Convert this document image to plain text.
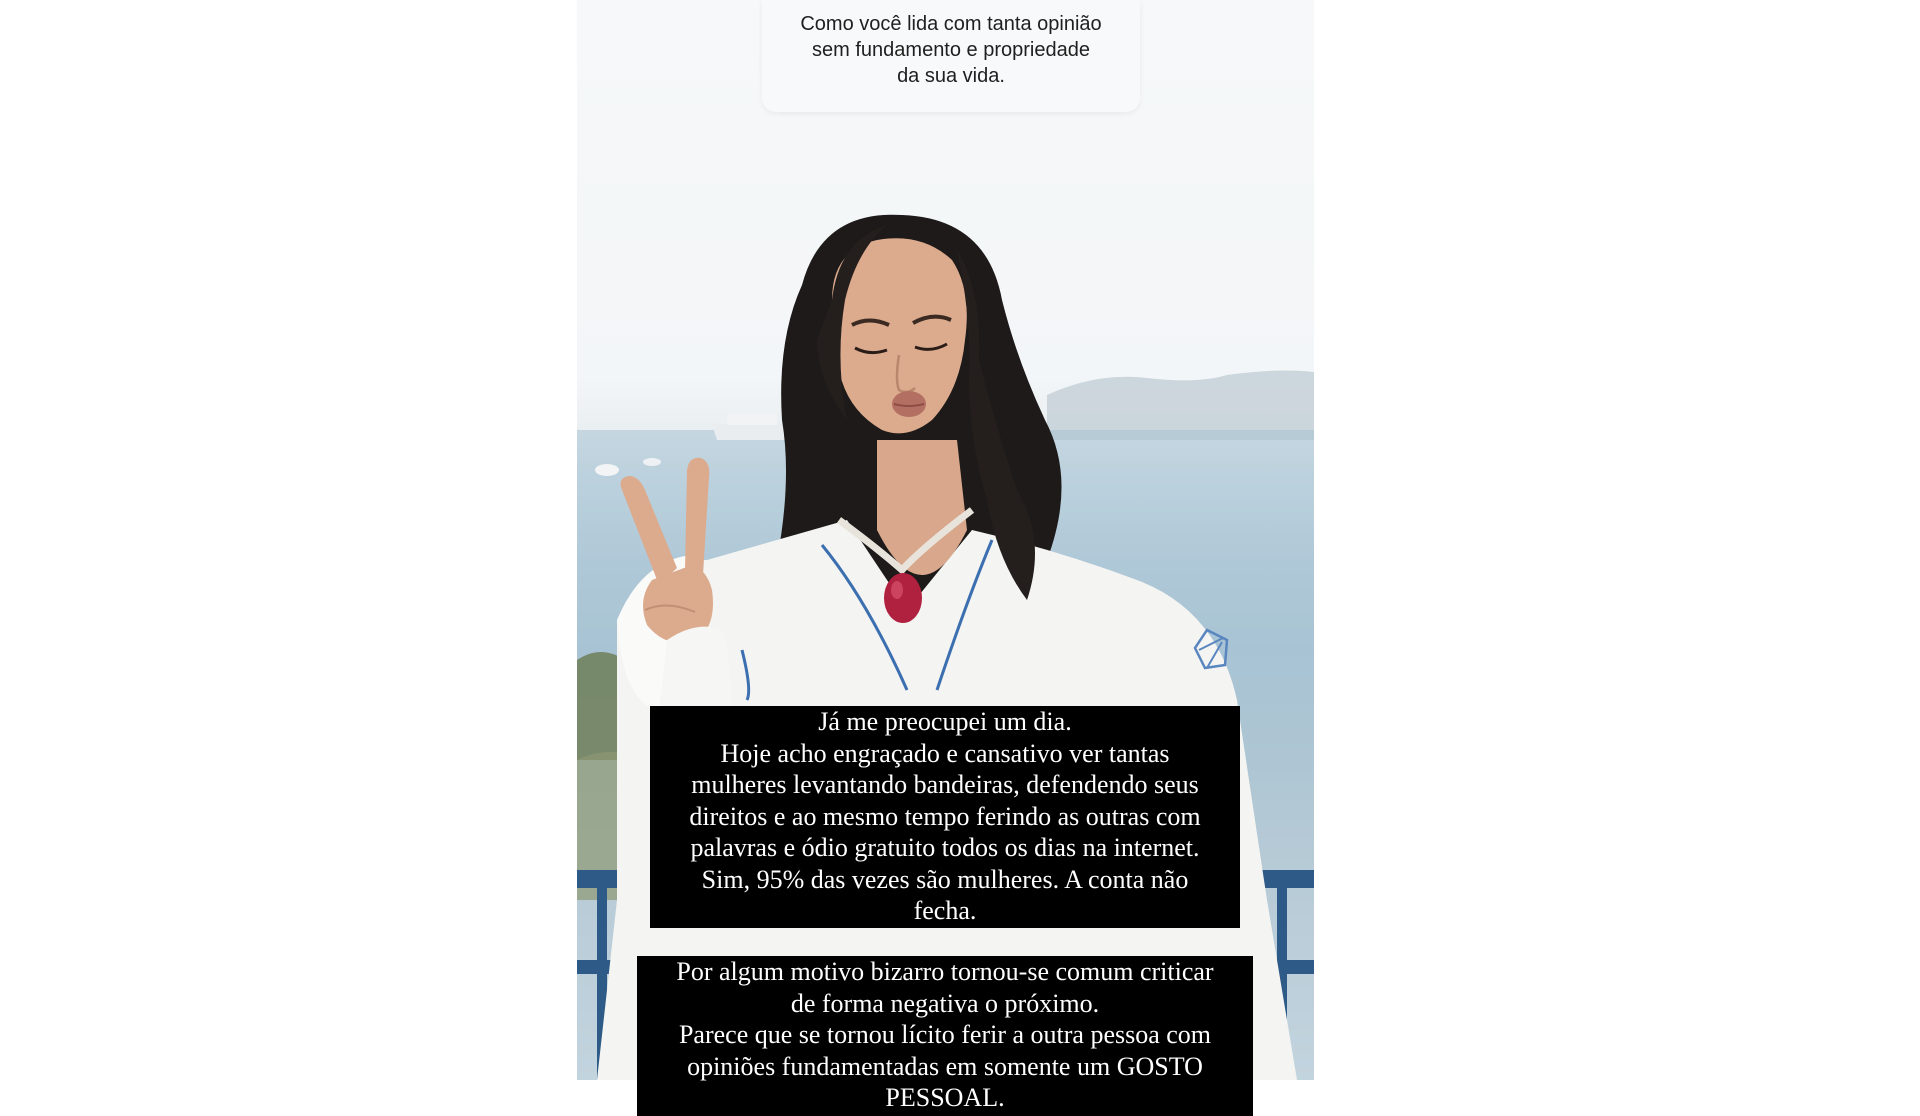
Como você lida com tanta opinião
sem fundamento e propriedade
da sua vida.
Já me preocupei um dia.
Hoje acho engraçado e cansativo ver tantas
mulheres levantando bandeiras, defendendo seus
direitos e ao mesmo tempo ferindo as outras com
palavras e ódio gratuito todos os dias na internet.
Sim, 95% das vezes são mulheres. A conta não
fecha.
Por algum motivo bizarro tornou-se comum criticar
de forma negativa o próximo.
Parece que se tornou lícito ferir a outra pessoa com
opiniões fundamentadas em somente um GOSTO
PESSOAL.
